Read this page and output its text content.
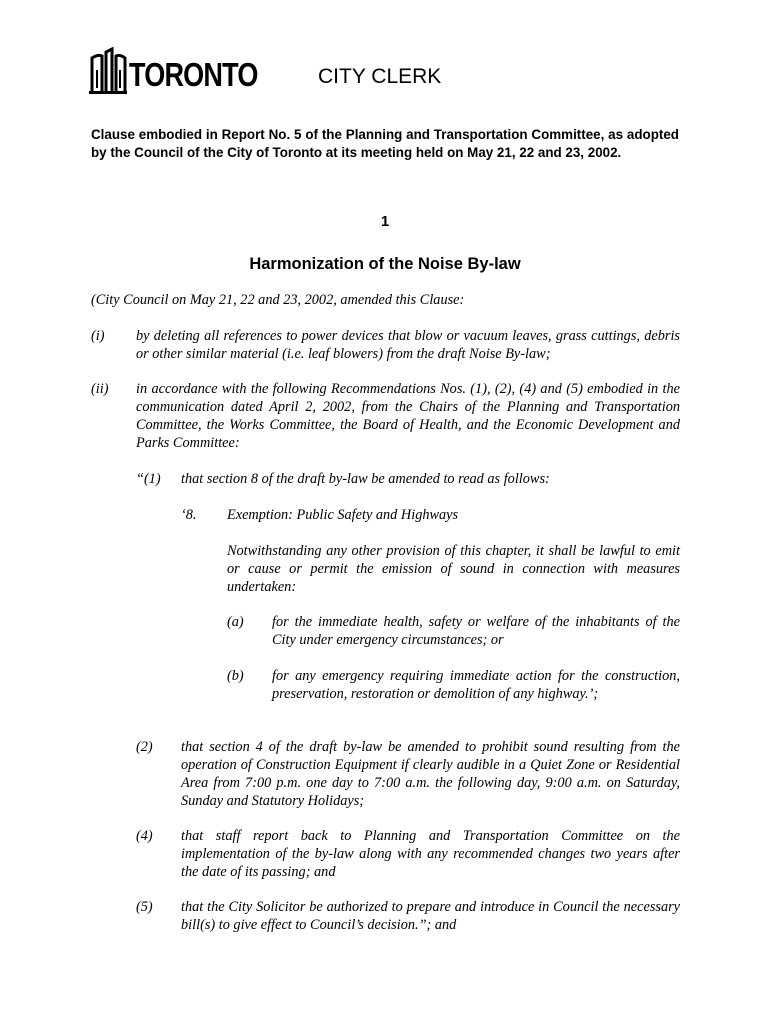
TORONTO	CITY CLERK
Clause embodied in Report No. 5 of the Planning and Transportation Committee, as adopted by the Council of the City of Toronto at its meeting held on May 21, 22 and 23, 2002.
1
Harmonization of the Noise By-law
(City Council on May 21, 22 and 23, 2002, amended this Clause:
(i) by deleting all references to power devices that blow or vacuum leaves, grass cuttings, debris or other similar material (i.e. leaf blowers) from the draft Noise By-law;
(ii) in accordance with the following Recommendations Nos. (1), (2), (4) and (5) embodied in the communication dated April 2, 2002, from the Chairs of the Planning and Transportation Committee, the Works Committee, the Board of Health, and the Economic Development and Parks Committee:
“(1) that section 8 of the draft by-law be amended to read as follows:
‘8. Exemption: Public Safety and Highways
Notwithstanding any other provision of this chapter, it shall be lawful to emit or cause or permit the emission of sound in connection with measures undertaken:
(a) for the immediate health, safety or welfare of the inhabitants of the City under emergency circumstances; or
(b) for any emergency requiring immediate action for the construction, preservation, restoration or demolition of any highway.’;
(2) that section 4 of the draft by-law be amended to prohibit sound resulting from the operation of Construction Equipment if clearly audible in a Quiet Zone or Residential Area from 7:00 p.m. one day to 7:00 a.m. the following day, 9:00 a.m. on Saturday, Sunday and Statutory Holidays;
(4) that staff report back to Planning and Transportation Committee on the implementation of the by-law along with any recommended changes two years after the date of its passing; and
(5) that the City Solicitor be authorized to prepare and introduce in Council the necessary bill(s) to give effect to Council’s decision.”; and
